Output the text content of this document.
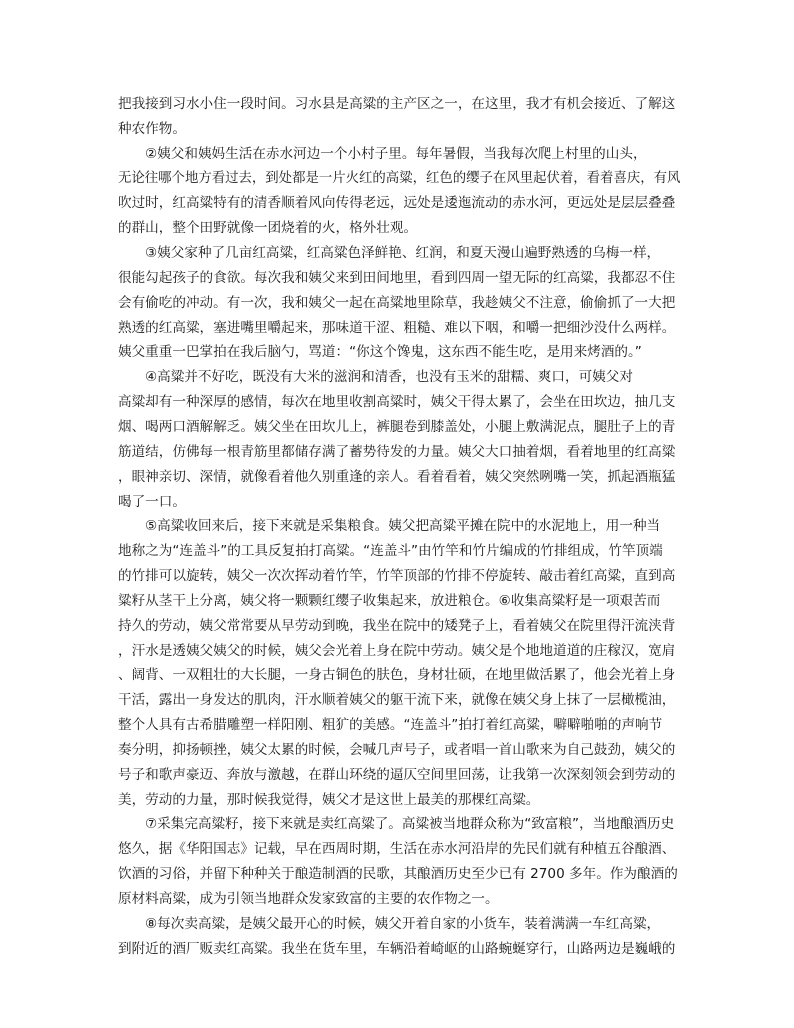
把我接到习水小住一段时间。习水县是高粱的主产区之一，在这里，我才有机会接近、了解这
种农作物。
②姨父和姨妈生活在赤水河边一个小村子里。每年暑假，当我每次爬上村里的山头，
无论往哪个地方看过去，到处都是一片火红的高粱，红色的缨子在风里起伏着，看着喜庆，有风
吹过时，红高粱特有的清香顺着风向传得老远，远处是逶迤流动的赤水河，更远处是层层叠叠
的群山，整个田野就像一团烧着的火，格外壮观。
③姨父家种了几亩红高粱，红高粱色泽鲜艳、红润，和夏天漫山遍野熟透的乌梅一样，
很能勾起孩子的食欲。每次我和姨父来到田间地里，看到四周一望无际的红高粱，我都忍不住
会有偷吃的冲动。有一次，我和姨父一起在高粱地里除草，我趁姨父不注意，偷偷抓了一大把
熟透的红高粱，塞进嘴里嚼起来，那味道干涩、粗糙、难以下咽，和嚼一把细沙没什么两样。
姨父重重一巴掌拍在我后脑勺，骂道：“你这个馋鬼，这东西不能生吃，是用来烤酒的。”
④高粱并不好吃，既没有大米的滋润和清香，也没有玉米的甜糯、爽口，可姨父对
高粱却有一种深厚的感情，每次在地里收割高粱时，姨父干得太累了，会坐在田坎边，抽几支
烟、喝两口酒解解乏。姨父坐在田坎儿上，裤腿卷到膝盖处，小腿上敷满泥点，腿肚子上的青
筋道结，仿佛每一根青筋里都储存满了蓄势待发的力量。姨父大口抽着烟，看着地里的红高粱
，眼神亲切、深情，就像看着他久别重逢的亲人。看着看着，姨父突然咧嘴一笑，抓起酒瓶猛
喝了一口。
⑤高粱收回来后，接下来就是采集粮食。姨父把高粱平摊在院中的水泥地上，用一种当
地称之为“连盖斗”的工具反复拍打高粱。“连盖斗”由竹竿和竹片编成的竹排组成，竹竿顶端
的竹排可以旋转，姨父一次次挥动着竹竿，竹竿顶部的竹排不停旋转、敲击着红高粱，直到高
粱籽从茎干上分离，姨父将一颗颗红缨子收集起来，放进粮仓。⑥收集高粱籽是一项艰苦而
持久的劳动，姨父常常要从早劳动到晚，我坐在院中的矮凳子上，看着姨父在院里得汗流浃背
，汗水是透姨父姨父的时候，姨父会光着上身在院中劳动。姨父是个地地道道的庄稼汉，宽肩
、阔背、一双粗壮的大长腿，一身古铜色的肤色，身材壮硕，在地里做活累了，他会光着上身
干活，露出一身发达的肌肉，汗水顺着姨父的躯干流下来，就像在姨父身上抹了一层橄榄油，
整个人具有古希腊雕塑一样阳刚、粗犷的美感。“连盖斗”拍打着红高粱，噼噼啪啪的声响节
奏分明，抑扬顿挫，姨父太累的时候，会喊几声号子，或者唱一首山歌来为自己鼓劲，姨父的
号子和歌声豪迈、奔放与激越，在群山环绕的逼仄空间里回荡，让我第一次深刻领会到劳动的
美，劳动的力量，那时候我觉得，姨父才是这世上最美的那棵红高粱。
⑦采集完高粱籽，接下来就是卖红高粱了。高粱被当地群众称为“致富粮”，当地酿酒历史
悠久，据《华阳国志》记载，早在西周时期，生活在赤水河沿岸的先民们就有种植五谷酿酒、
饮酒的习俗，并留下种种关于酿造制酒的民歌，其酿酒历史至少已有 2700 多年。作为酿酒的
原材料高粱，成为引领当地群众发家致富的主要的农作物之一。
⑧每次卖高粱，是姨父最开心的时候，姨父开着自家的小货车，装着满满一车红高粱，
到附近的酒厂贩卖红高粱。我坐在货车里，车辆沿着崎岖的山路蜿蜒穿行，山路两边是巍峨的
